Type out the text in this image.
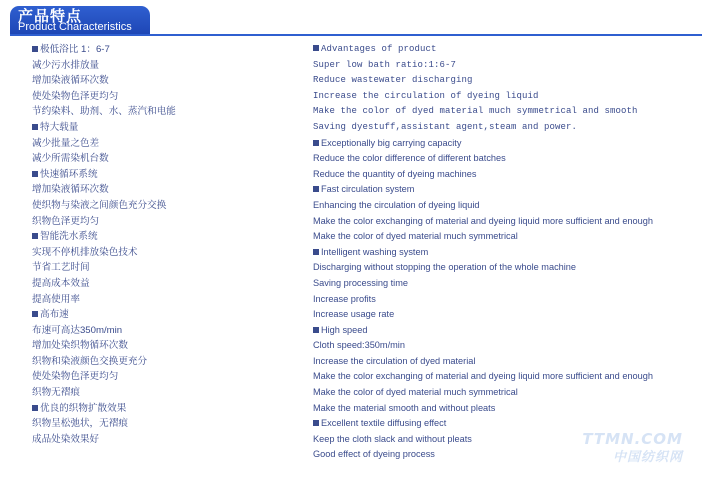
产品特点
Product Characteristics
极低浴比 1：6-7
减少污水排放量
增加染液循环次数
使处染物色泽更均匀
节约染料、助剂、水、蒸汽和电能
特大载量
减少批量之色差
减少所需染机台数
快速循环系统
增加染液循环次数
使织物与染液之间颜色充分交换
织物色泽更均匀
智能洗水系统
实现不停机排放染色技术
节省工艺时间
提高成本效益
提高使用率
高布速
布速可高达350m/min
增加处染织物循环次数
织物和染液颜色交换更充分
使处染物色泽更均匀
织物无褶痕
优良的织物扩散效果
织物呈松弛状，无褶痕
成品处染效果好
Advantages of product
Super low bath ratio:1:6-7
Reduce wastewater discharging
Increase the circulation of dyeing liquid
Make the color of dyed material much symmetrical and smooth
Saving dyestuff,assistant agent,steam and power.
Exceptionally big carrying capacity
Reduce the color difference of different batches
Reduce the quantity of dyeing machines
Fast circulation system
Enhancing the circulation of dyeing liquid
Make the color exchanging of material and dyeing liquid more sufficient and enough
Make the color of dyed material much symmetrical
Intelligent washing system
Discharging without stopping the operation of the whole machine
Saving processing time
Increase profits
Increase usage rate
High speed
Cloth speed:350m/min
Increase the circulation of dyed material
Make the color exchanging of material and dyeing liquid more sufficient and enough
Make the color of dyed material much symmetrical
Make the material smooth and without pleats
Excellent textile diffusing effect
Keep the cloth slack and without pleats
Good effect of dyeing process
TTMN.COM
中国纺织网
